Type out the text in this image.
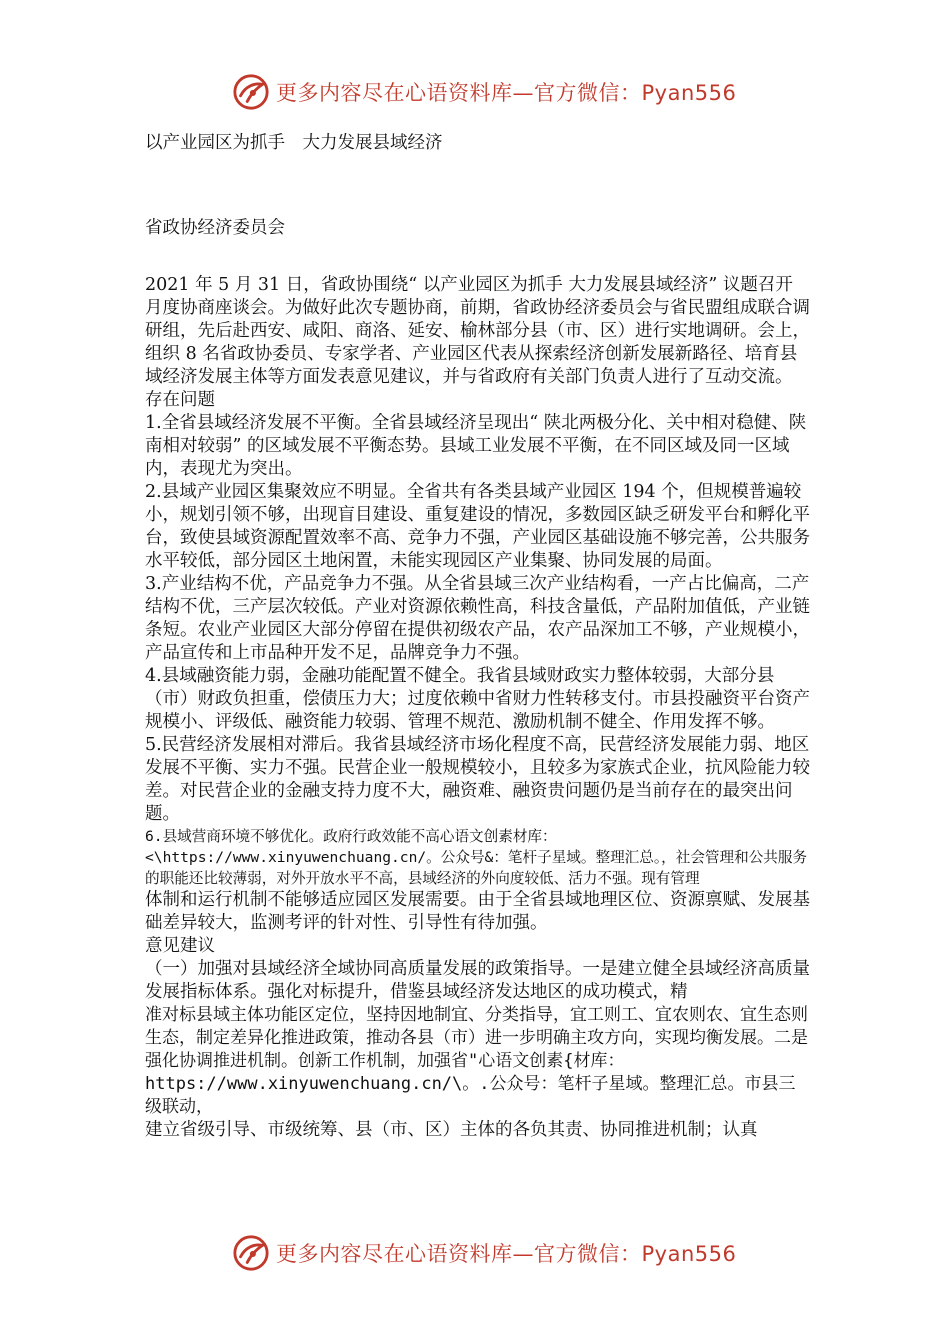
更多内容尽在心语资料库—官方微信：Pyan556

以产业园区为抓手　大力发展县域经济

省政协经济委员会

2021 年 5 月 31 日，省政协围绕“ 以产业园区为抓手 大力发展县域经济” 议题召开月度协商座谈会。为做好此次专题协商，前期，省政协经济委员会与省民盟组成联合调研组，先后赴西安、咸阳、商洛、延安、榆林部分县（市、区）进行实地调研。会上，组织 8 名省政协委员、专家学者、产业园区代表从探索经济创新发展新路径、培育县域经济发展主体等方面发表意见建议，并与省政府有关部门负责人进行了互动交流。

存在问题

1.全省县域经济发展不平衡。全省县域经济呈现出“ 陕北两极分化、关中相对稳健、陕南相对较弱” 的区域发展不平衡态势。县域工业发展不平衡，在不同区域及同一区域内，表现尤为突出。

2.县域产业园区集聚效应不明显。全省共有各类县域产业园区 194 个，但规模普遍较小，规划引领不够，出现盲目建设、重复建设的情况，多数园区缺乏研发平台和孵化平台，致使县域资源配置效率不高、竞争力不强，产业园区基础设施不够完善，公共服务水平较低，部分园区土地闲置，未能实现园区产业集聚、协同发展的局面。

3.产业结构不优，产品竞争力不强。从全省县域三次产业结构看，一产占比偏高，二产结构不优，三产层次较低。产业对资源依赖性高，科技含量低，产品附加值低，产业链条短。农业产业园区大部分停留在提供初级农产品，农产品深加工不够，产业规模小，产品宣传和上市品种开发不足，品牌竞争力不强。

4.县域融资能力弱，金融功能配置不健全。我省县域财政实力整体较弱，大部分县（市）财政负担重，偿债压力大；过度依赖中省财力性转移支付。市县投融资平台资产规模小、评级低、融资能力较弱、管理不规范、激励机制不健全、作用发挥不够。

5.民营经济发展相对滞后。我省县域经济市场化程度不高，民营经济发展能力弱、地区发展不平衡、实力不强。民营企业一般规模较小，且较多为家族式企业，抗风险能力较差。对民营企业的金融支持力度不大，融资难、融资贵问题仍是当前存在的最突出问题。

6.县域营商环境不够优化。政府行政效能不高心语文创素材库：<\https://www.xinyuwenchuang.cn/。公众号&：笔杆子星域。整理汇总。，社会管理和公共服务的职能还比较薄弱，对外开放水平不高，县域经济的外向度较低、活力不强。现有管理

体制和运行机制不能够适应园区发展需要。由于全省县域地理区位、资源禀赋、发展基础差异较大，监测考评的针对性、引导性有待加强。

意见建议

（一）加强对县域经济全域协同高质量发展的政策指导。一是建立健全县域经济高质量发展指标体系。强化对标提升，借鉴县域经济发达地区的成功模式，精

准对标县域主体功能区定位，坚持因地制宜、分类指导，宜工则工、宜农则农、宜生态则生态，制定差异化推进政策，推动各县（市）进一步明确主攻方向，实现均衡发展。二是强化协调推进机制。创新工作机制，加强省"心语文创素{材库：https://www.xinyuwenchuang.cn/\。.公众号：笔杆子星域。整理汇总。市县三级联动，

建立省级引导、市级统筹、县（市、区）主体的各负其责、协同推进机制；认真

更多内容尽在心语资料库—官方微信：Pyan556
